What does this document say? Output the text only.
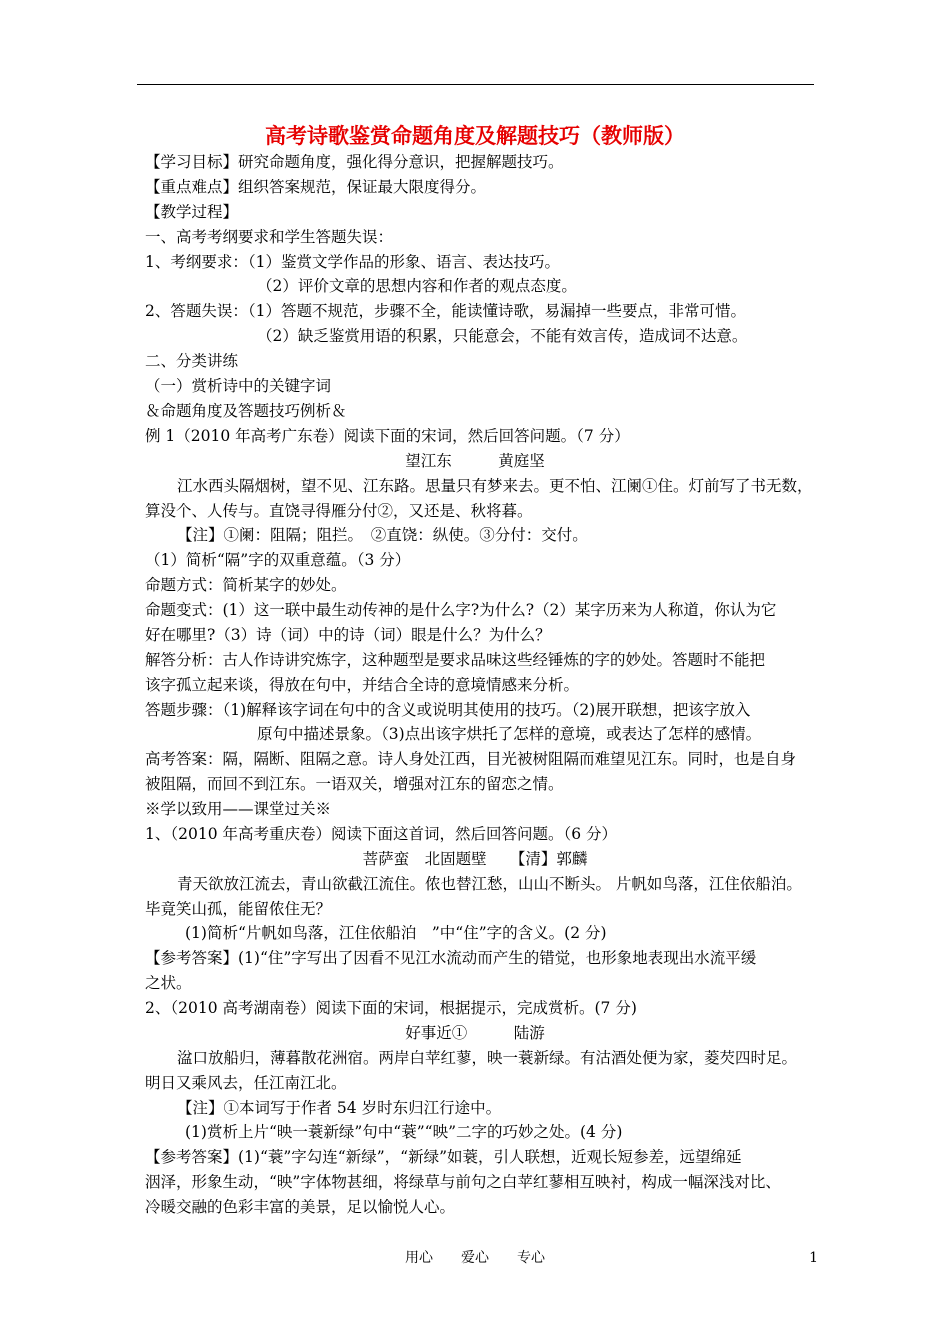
高考诗歌鉴赏命题角度及解题技巧（教师版）
【学习目标】研究命题角度，强化得分意识，把握解题技巧。
【重点难点】组织答案规范，保证最大限度得分。
【教学过程】
一、高考考纲要求和学生答题失误：
1、考纲要求：（1）鉴赏文学作品的形象、语言、表达技巧。
（2）评价文章的思想内容和作者的观点态度。
2、答题失误：（1）答题不规范，步骤不全，能读懂诗歌，易漏掉一些要点，非常可惜。
（2）缺乏鉴赏用语的积累，只能意会，不能有效言传，造成词不达意。
二、分类讲练
（一）赏析诗中的关键字词
＆命题角度及答题技巧例析＆
例 1（2010 年高考广东卷）阅读下面的宋词，然后回答问题。（7 分）
望江东　　　黄庭坚
江水西头隔烟树，望不见、江东路。思量只有梦来去。更不怕、江阑①住。灯前写了书无数，
算没个、人传与。直饶寻得雁分付②，又还是、秋将暮。
【注】①阑：阻隔；阻拦。　②直饶：纵使。③分付：交付。
（1）简析“隔”字的双重意蕴。（3 分）
命题方式：简析某字的妙处。
命题变式：(1）这一联中最生动传神的是什么字?为什么?（2）某字历来为人称道，你认为它
好在哪里?（3）诗（词）中的诗（词）眼是什么？为什么？
解答分析：古人作诗讲究炼字，这种题型是要求品味这些经锤炼的字的妙处。答题时不能把
该字孤立起来谈，得放在句中，并结合全诗的意境情感来分析。
答题步骤：（1)解释该字词在句中的含义或说明其使用的技巧。（2)展开联想，把该字放入
原句中描述景象。（3)点出该字烘托了怎样的意境，或表达了怎样的感情。
高考答案：隔，隔断、阻隔之意。诗人身处江西，目光被树阻隔而难望见江东。同时，也是自身
被阻隔，而回不到江东。一语双关，增强对江东的留恋之情。
※学以致用——课堂过关※
1、（2010 年高考重庆卷）阅读下面这首词，然后回答问题。（6 分）
菩萨蛮　北固题壁　　【清】郭麟
青天欲放江流去，青山欲截江流住。侬也替江愁，山山不断头。 片帆如鸟落，江住依船泊。
毕竟笑山孤，能留侬住无？
(1)简析“片帆如鸟落，江住依船泊　”中“住”字的含义。(2 分)
【参考答案】(1)“住”字写出了因看不见江水流动而产生的错觉，也形象地表现出水流平缓
之状。
2、（2010 高考湖南卷）阅读下面的宋词，根据提示，完成赏析。(7 分)
好事近①　　　陆游
湓口放船归，薄暮散花洲宿。两岸白苹红蓼，映一蓑新绿。有沽酒处便为家，菱芡四时足。
明日又乘风去，任江南江北。
【注】①本词写于作者 54 岁时东归江行途中。
(1)赏析上片“映一蓑新绿”句中“蓑”“映”二字的巧妙之处。(4 分)
【参考答案】(1)“蓑”字勾连“新绿”，“新绿”如蓑，引人联想，近观长短参差，远望绵延
洇泽，形象生动，“映”字体物甚细，将绿草与前句之白苹红蓼相互映衬，构成一幅深浅对比、
冷暖交融的色彩丰富的美景，足以愉悦人心。
用心　　爱心　　专心	1
